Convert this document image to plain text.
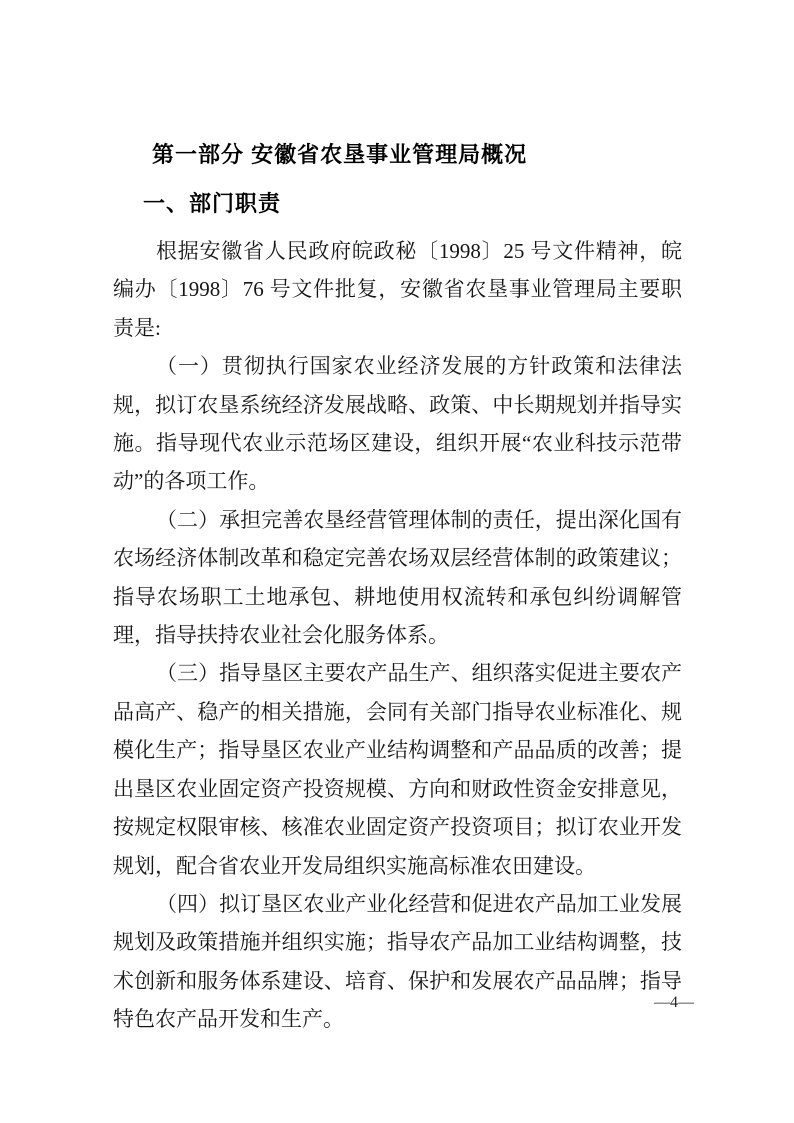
第一部分 安徽省农垦事业管理局概况
一、部门职责

根据安徽省人民政府皖政秘〔1998〕25 号文件精神，皖编办〔1998〕76 号文件批复，安徽省农垦事业管理局主要职责是:

（一）贯彻执行国家农业经济发展的方针政策和法律法规，拟订农垦系统经济发展战略、政策、中长期规划并指导实施。指导现代农业示范场区建设，组织开展“农业科技示范带动”的各项工作。

（二）承担完善农垦经营管理体制的责任，提出深化国有农场经济体制改革和稳定完善农场双层经营体制的政策建议；指导农场职工土地承包、耕地使用权流转和承包纠纷调解管理，指导扶持农业社会化服务体系。

（三）指导垦区主要农产品生产、组织落实促进主要农产品高产、稳产的相关措施，会同有关部门指导农业标准化、规模化生产；指导垦区农业产业结构调整和产品品质的改善；提出垦区农业固定资产投资规模、方向和财政性资金安排意见，按规定权限审核、核准农业固定资产投资项目；拟订农业开发规划，配合省农业开发局组织实施高标准农田建设。

（四）拟订垦区农业产业化经营和促进农产品加工业发展规划及政策措施并组织实施；指导农产品加工业结构调整，技术创新和服务体系建设、培育、保护和发展农产品品牌；指导特色农产品开发和生产。

—4—
